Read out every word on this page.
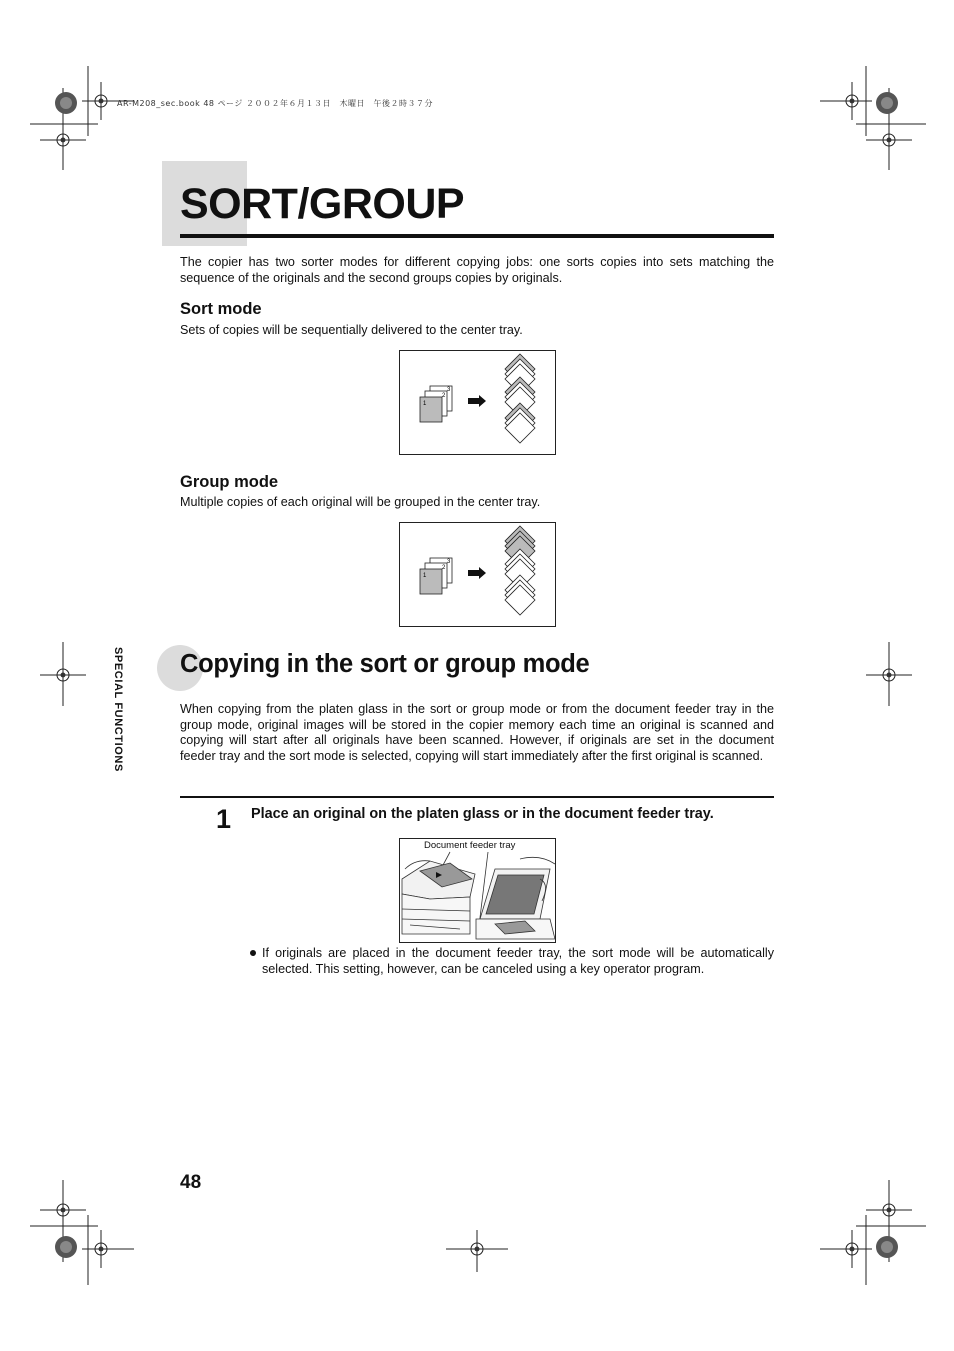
AR-M208_sec.book 48 ページ ２００２年６月１３日　木曜日　午後２時３７分
SORT/GROUP

The copier has two sorter modes for different copying jobs: one sorts copies into sets matching the sequence of the originals and the second groups copies by originals.

Sort mode

Sets of copies will be sequentially delivered to the center tray.

3
2
1
Group mode

Multiple copies of each original will be grouped in the center tray.

3
2
1
SPECIAL FUNCTIONS Copying in the sort or group mode

When copying from the platen glass in the sort or group mode or from the document feeder tray in the group mode, original images will be stored in the copier memory each time an original is scanned and copying will start after all originals have been scanned. However, if originals are set in the document feeder tray and the sort mode is selected, copying will start immediately after the first original is scanned.

1 Place an original on the platen glass or in the document feeder tray.
Document feeder tray

If originals are placed in the document feeder tray, the sort mode will be automatically selected. This setting, however, can be canceled using a key operator program.

48
